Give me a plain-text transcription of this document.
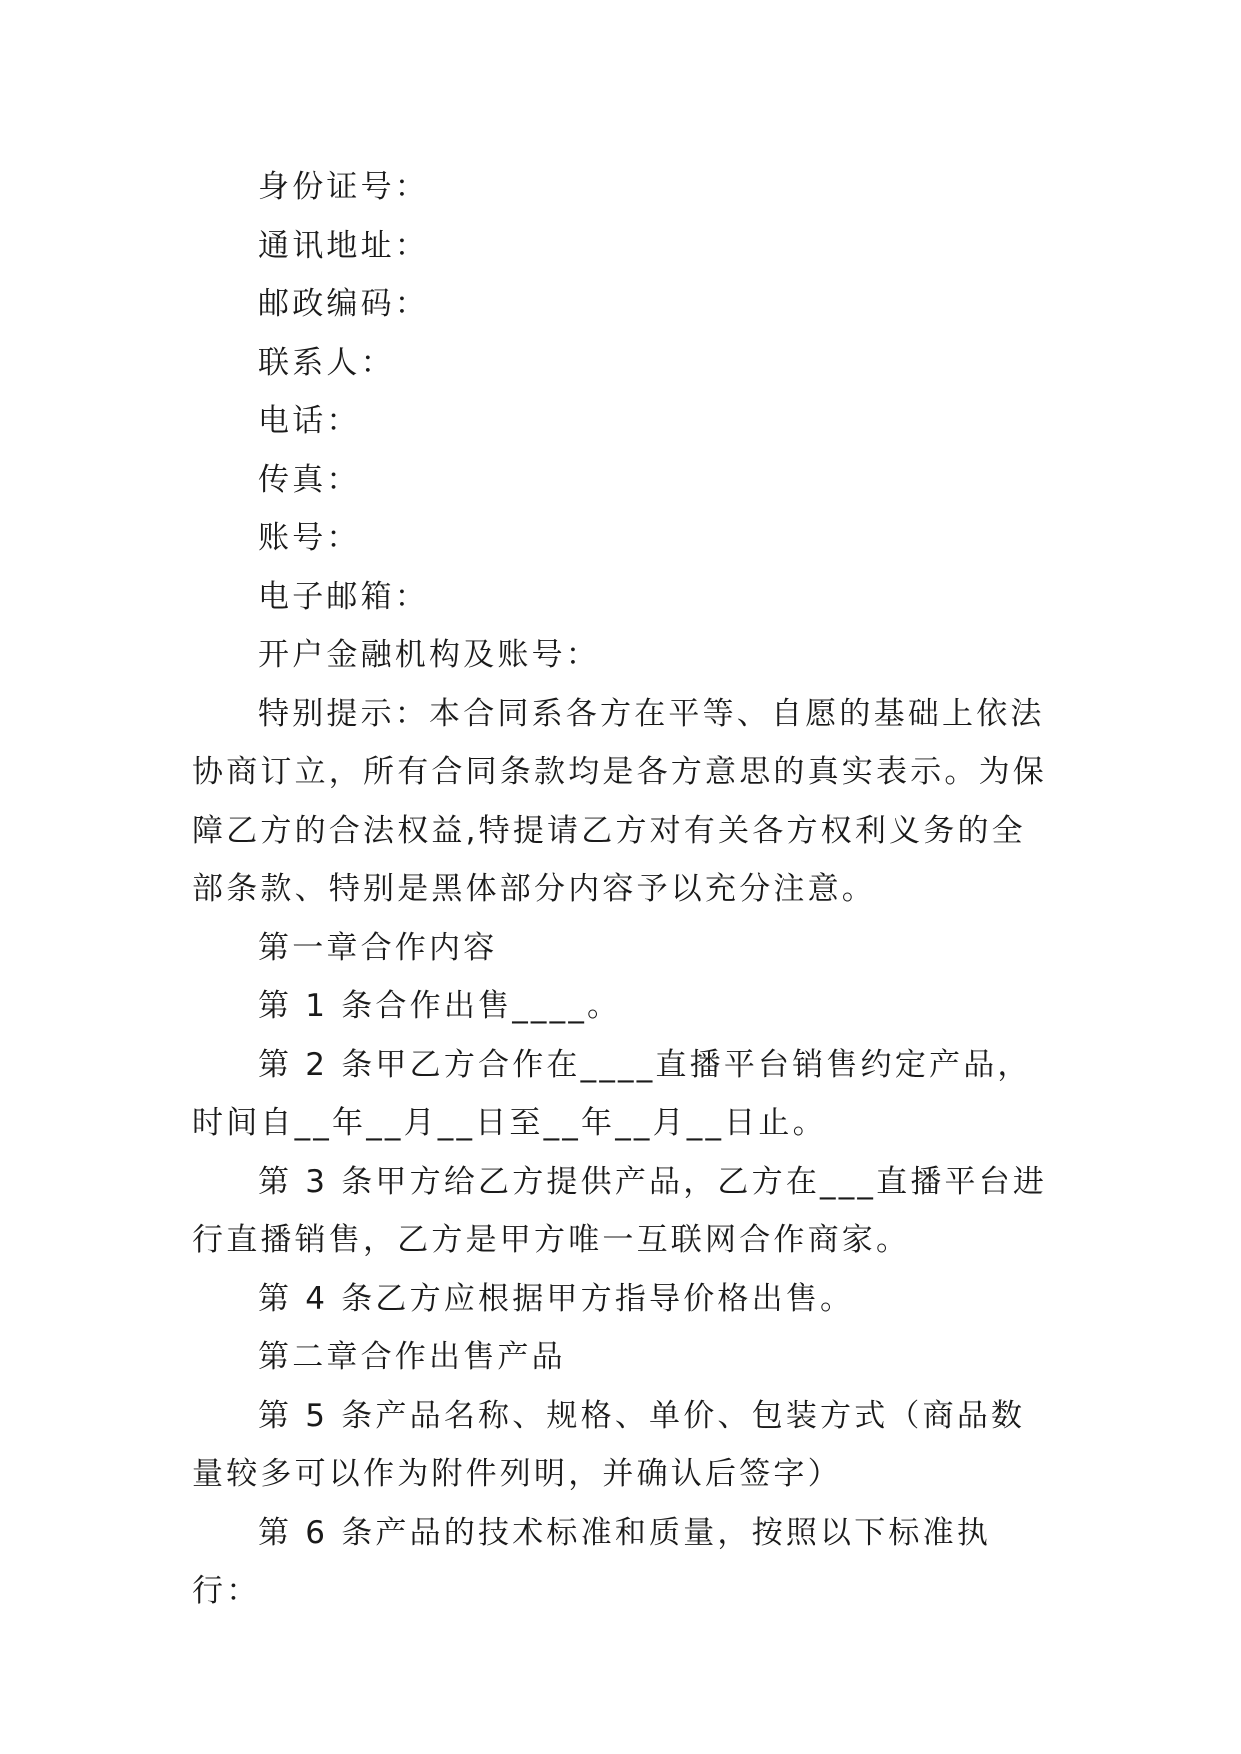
身份证号：

通讯地址：

邮政编码：

联系人：

电话：

传真：

账号：

电子邮箱：

开户金融机构及账号：

特别提示：本合同系各方在平等、自愿的基础上依法协商订立，所有合同条款均是各方意思的真实表示。为保障乙方的合法权益,特提请乙方对有关各方权利义务的全部条款、特别是黑体部分内容予以充分注意。

第一章合作内容

第 1 条合作出售____。

第 2 条甲乙方合作在____直播平台销售约定产品，时间自__年__月__日至__年__月__日止。

第 3 条甲方给乙方提供产品，乙方在___直播平台进行直播销售，乙方是甲方唯一互联网合作商家。

第 4 条乙方应根据甲方指导价格出售。

第二章合作出售产品

第 5 条产品名称、规格、单价、包装方式（商品数量较多可以作为附件列明，并确认后签字）

第 6 条产品的技术标准和质量，按照以下标准执行：
